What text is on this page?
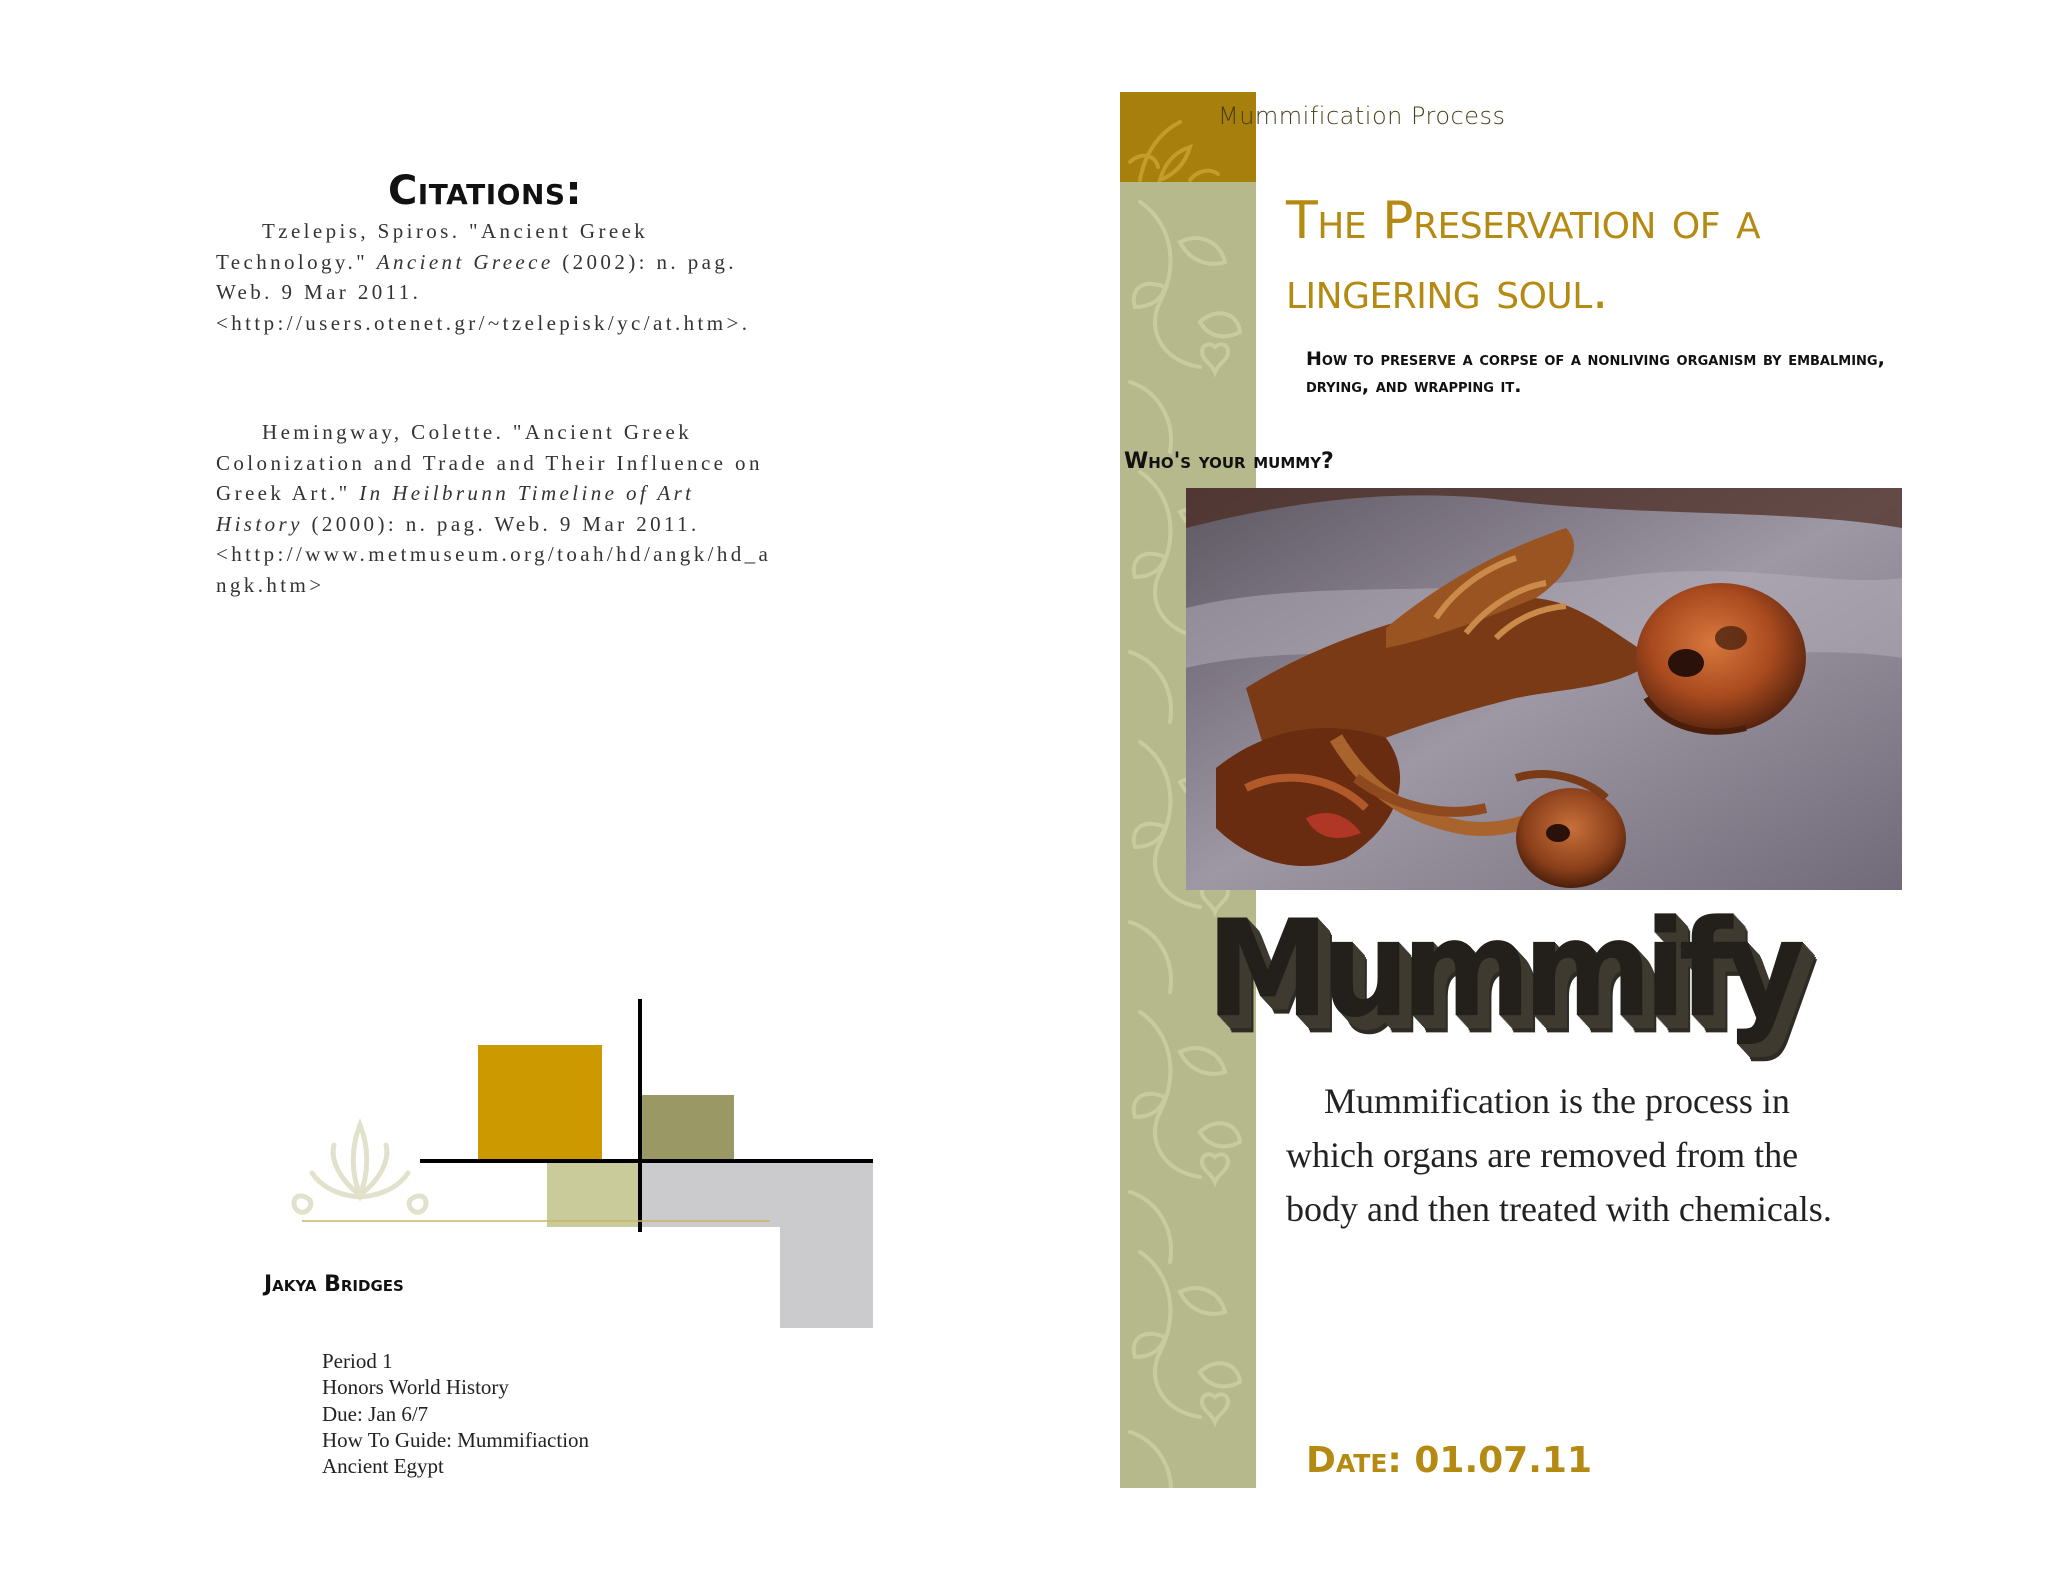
Citations:
Tzelepis, Spiros. "Ancient Greek Technology." Ancient Greece (2002): n. pag. Web. 9 Mar 2011. <http://users.otenet.gr/~tzelepisk/yc/at.htm>.
Hemingway, Colette. "Ancient Greek Colonization and Trade and Their Influence on Greek Art." In Heilbrunn Timeline of Art History (2000): n. pag. Web. 9 Mar 2011. <http://www.metmuseum.org/toah/hd/angk/hd_angk.htm>
Jakya Bridges
Period 1
Honors World History
Due: Jan 6/7
How To Guide: Mummifiaction
Ancient Egypt
Mummification Process
The Preservation of a lingering soul.
How to preserve a corpse of a nonliving organism by embalming, drying, and wrapping it.
Who's your mummy?
Mummify
Mummification is the process in which organs are removed from the body and then treated with chemicals.
Date: 01.07.11
